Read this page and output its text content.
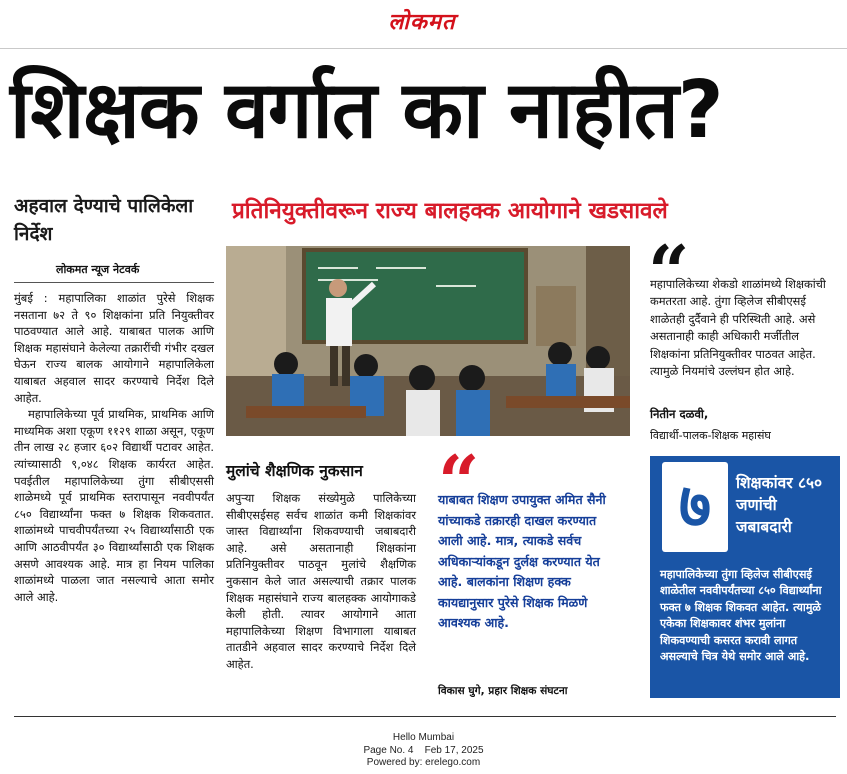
लोकमत
शिक्षक वर्गात का नाहीत?
अहवाल देण्याचे पालिकेला निर्देश
लोकमत न्यूज नेटवर्क

मुंबई : महापालिका शाळांत पुरेसे शिक्षक नसताना ७२ ते ९० शिक्षकांना प्रति नियुक्तीवर पाठवण्यात आले आहे. याबाबत पालक आणि शिक्षक महासंघाने केलेल्या तक्रारींची गंभीर दखल घेऊन राज्य बालक आयोगाने महापालिकेला याबाबत अहवाल सादर करण्याचे निर्देश दिले आहेत.

महापालिकेच्या पूर्व प्राथमिक, प्राथमिक आणि माध्यमिक अशा एकूण ११२९ शाळा असून, एकूण तीन लाख २८ हजार ६०२ विद्यार्थी पटावर आहेत. त्यांच्यासाठी ९,०४८ शिक्षक कार्यरत आहेत. पवईतील महापालिकेच्या तुंगा सीबीएससी शाळेमध्ये पूर्व प्राथमिक स्तरापासून नववीपर्यंत ८५० विद्यार्थ्यांना फक्त ७ शिक्षक शिकवतात. शाळांमध्ये पाचवीपर्यंतच्या २५ विद्यार्थ्यांसाठी एक आणि आठवीपर्यंत ३० विद्यार्थ्यांसाठी एक शिक्षक असणे आवश्यक आहे. मात्र हा नियम पालिका शाळांमध्ये पाळला जात नसल्याचे आता समोर आले आहे.

प्रतिनियुक्तीवरून राज्य बालहक्क आयोगाने खडसावले
“
महापालिकेच्या शेकडो शाळांमध्ये शिक्षकांची कमतरता आहे. तुंगा व्हिलेज सीबीएसई शाळेतही दुर्दैवाने ही परिस्थिती आहे. असे असतानाही काही अधिकारी मर्जीतील शिक्षकांना प्रतिनियुक्तीवर पाठवत आहेत. त्यामुळे नियमांचे उल्लंघन होत आहे.
नितीन दळवी,
विद्यार्थी-पालक-शिक्षक महासंघ
मुलांचे शैक्षणिक नुकसान
अपुऱ्या शिक्षक संख्येमुळे पालिकेच्या सीबीएसईसह सर्वच शाळांत कमी शिक्षकांवर जास्त विद्यार्थ्यांना शिकवण्याची जबाबदारी आहे. असे असतानाही शिक्षकांना प्रतिनियुक्तीवर पाठवून मुलांचे शैक्षणिक नुकसान केले जात असल्याची तक्रार पालक शिक्षक महासंघाने राज्य बालहक्क आयोगाकडे केली होती. त्यावर आयोगाने आता महापालिकेच्या शिक्षण विभागाला याबाबत तातडीने अहवाल सादर करण्याचे निर्देश दिले आहेत.
“
याबाबत शिक्षण उपायुक्त अमित सैनी यांच्याकडे तक्रारही दाखल करण्यात आली आहे. मात्र, त्याकडे सर्वच अधिकाऱ्यांकडून दुर्लक्ष करण्यात येत आहे. बालकांना शिक्षण हक्क कायद्यानुसार पुरेसे शिक्षक मिळणे आवश्यक आहे.
विकास घुगे, प्रहार शिक्षक संघटना
७	शिक्षकांवर ८५० जणांची जबाबदारी
महापालिकेच्या तुंगा व्हिलेज सीबीएसई शाळेतील नववीपर्यंतच्या ८५० विद्यार्थ्यांना फक्त ७ शिक्षक शिकवत आहेत. त्यामुळे एकेका शिक्षकावर शंभर मुलांना शिकवण्याची कसरत करावी लागत असल्याचे चित्र येथे समोर आले आहे.
Hello Mumbai
Page No. 4    Feb 17, 2025
Powered by: erelego.com
